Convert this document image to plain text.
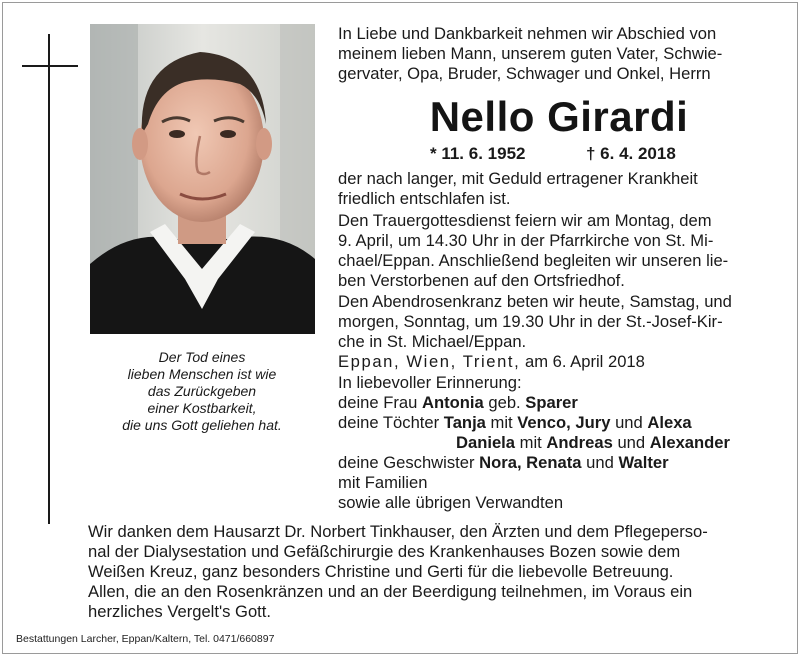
Der Tod eines
lieben Menschen ist wie
das Zurückgeben
einer Kostbarkeit,
die uns Gott geliehen hat.
In Liebe und Dankbarkeit nehmen wir Abschied von
meinem lieben Mann, unserem guten Vater, Schwie-
gervater, Opa, Bruder, Schwager und Onkel, Herrn
Nello Girardi
* 11. 6. 1952	† 6. 4. 2018
der nach langer, mit Geduld ertragener Krankheit
friedlich entschlafen ist.
Den Trauergottesdienst feiern wir am Montag, dem
9. April, um 14.30 Uhr in der Pfarrkirche von St. Mi-
chael/Eppan. Anschließend begleiten wir unseren lie-
ben Verstorbenen auf den Ortsfriedhof.
Den Abendrosenkranz beten wir heute, Samstag, und
morgen, Sonntag, um 19.30 Uhr in der St.-Josef-Kir-
che in St. Michael/Eppan.
Eppan, Wien, Trient, am 6. April 2018
In liebevoller Erinnerung:
deine Frau Antonia geb. Sparer
deine Töchter Tanja mit Venco, Jury und Alexa
Daniela mit Andreas und Alexander
deine Geschwister Nora, Renata und Walter
mit Familien
sowie alle übrigen Verwandten
Wir danken dem Hausarzt Dr. Norbert Tinkhauser, den Ärzten und dem Pflegeperso-
nal der Dialysestation und Gefäßchirurgie des Krankenhauses Bozen sowie dem
Weißen Kreuz, ganz besonders Christine und Gerti für die liebevolle Betreuung.
Allen, die an den Rosenkränzen und an der Beerdigung teilnehmen, im Voraus ein
herzliches Vergelt's Gott.
Bestattungen Larcher, Eppan/Kaltern, Tel. 0471/660897
